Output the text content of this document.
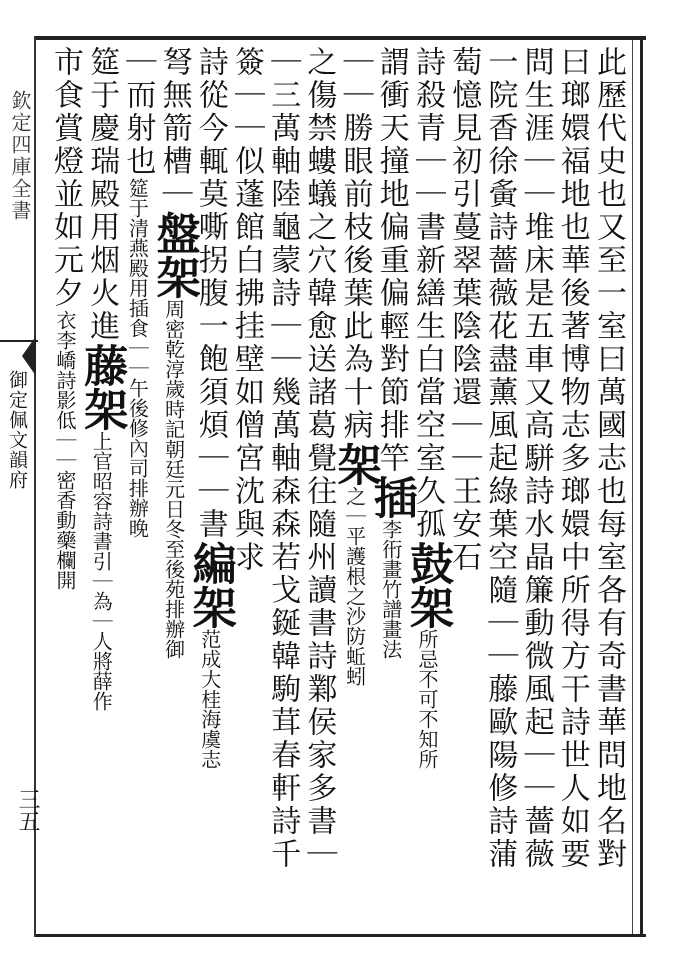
欽定四庫全書
御定佩文韻府
三五	此歷代史也又至一室曰萬國志也每室各有奇書華問地名對
曰瑯嬛福地也華後著博物志多瑯嬛中所得方干詩世人如要
問生涯｜｜堆床是五車又高駢詩水晶簾動微風起｜｜薔薇
一院香徐夤詩薔薇花盡薰風起綠葉空隨｜｜藤歐陽修詩蒲
萄憶見初引蔓翠葉陰陰還｜｜王安石
詩殺青｜｜書新繕生白當空室久孤鼓架所忌不可不知所
謂衝天撞地偏重偏輕對節排竿插李衎畫竹譜畫法
｜｜勝眼前枝後葉此為十病架之｜平護根之沙防蚯蚓
之傷禁螻蟻之穴韓愈送諸葛覺往隨州讀書詩鄴侯家多書｜
｜三萬軸陸龜蒙詩｜｜幾萬軸森森若戈鋋韓駒茸春軒詩千
簽｜｜似蓬館白拂挂壁如僧宮沈與求
詩從今輒莫嘶拐腹一飽須煩｜｜書編架范成大桂海虞志
弩無箭槽｜盤架周密乾淳歲時記朝廷元日冬至後苑排辦御
｜而射也筵于清燕殿用插食｜｜午後修內司排辦晚
筵于慶瑞殿用烟火進藤架上官昭容詩書引｜為｜人將薛作
市食賞燈並如元夕衣李嶠詩影低｜｜密香動藥欄開
